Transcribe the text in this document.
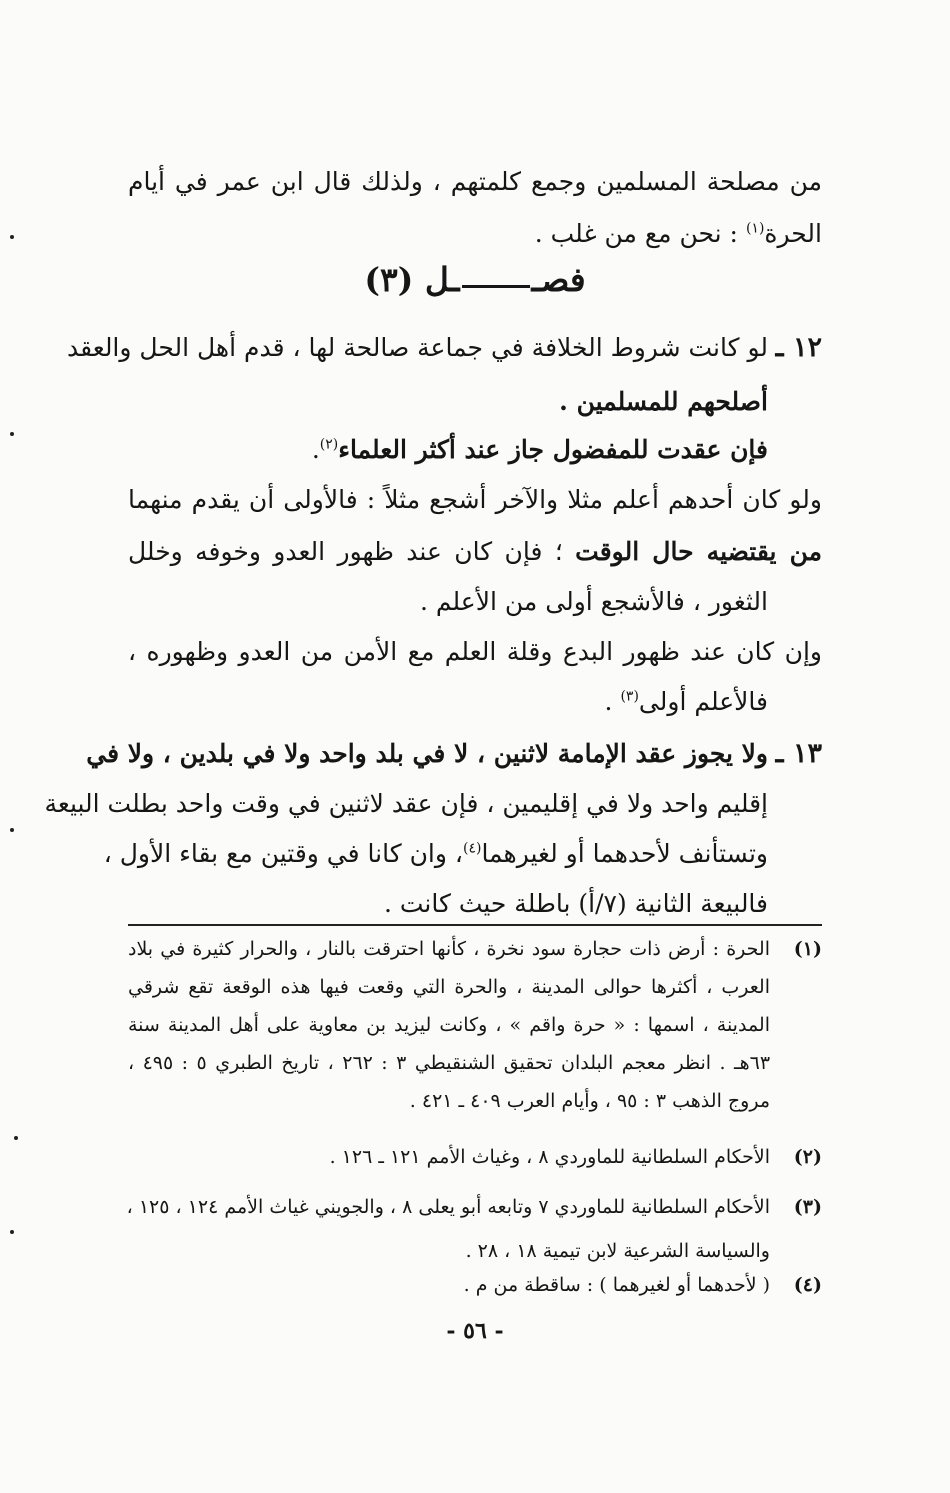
من مصلحة المسلمين وجمع كلمتهم ، ولذلك قال ابن عمر في أيام
الحرة$^{(١)}$ : نحن مع من غلب .
فصــل (٣)
١٢ ـ
لو كانت شروط الخلافة في جماعة صالحة لها ، قدم أهل الحل والعقد
أصلحهم للمسلمين .
فإن عقدت للمفضول جاز عند أكثر العلماء$^{(٢)}$.
ولو كان أحدهم أعلم مثلا والآخر أشجع مثلاً : فالأولى أن يقدم منهما
من يقتضيه حال الوقت ؛ فإن كان عند ظهور العدو وخوفه وخلل
الثغور ، فالأشجع أولى من الأعلم .
وإن كان عند ظهور البدع وقلة العلم مع الأمن من العدو وظهوره ،
فالأعلم أولى$^{(٣)}$ .
١٣ ـ
ولا يجوز عقد الإمامة لاثنين ، لا في بلد واحد ولا في بلدين ، ولا في
إقليم واحد ولا في إقليمين ، فإن عقد لاثنين في وقت واحد بطلت البيعة
وتستأنف لأحدهما أو لغيرهما$^{(٤)}$، وان كانا في وقتين مع بقاء الأول ،
فالبيعة الثانية (٧/أ) باطلة حيث كانت .
(١)
الحرة : أرض ذات حجارة سود نخرة ، كأنها احترقت بالنار ، والحرار كثيرة في بلاد
العرب ، أكثرها حوالى المدينة ، والحرة التي وقعت فيها هذه الوقعة تقع شرقي
المدينة ، اسمها : « حرة واقم » ، وكانت ليزيد بن معاوية على أهل المدينة سنة
٦٣هـ . انظر معجم البلدان تحقيق الشنقيطي ٣ : ٢٦٢ ، تاريخ الطبري ٥ : ٤٩٥ ،
مروج الذهب ٣ : ٩٥ ، وأيام العرب ٤٠٩ ـ ٤٢١ .
(٢)
الأحكام السلطانية للماوردي ٨ ، وغياث الأمم ١٢١ ـ ١٢٦ .
(٣)
الأحكام السلطانية للماوردي ٧ وتابعه أبو يعلى ٨ ، والجويني غياث الأمم ١٢٤ ، ١٢٥ ،
والسياسة الشرعية لابن تيمية ١٨ ، ٢٨ .
(٤)
( لأحدهما أو لغيرهما ) : ساقطة من م .
- ٥٦ -
